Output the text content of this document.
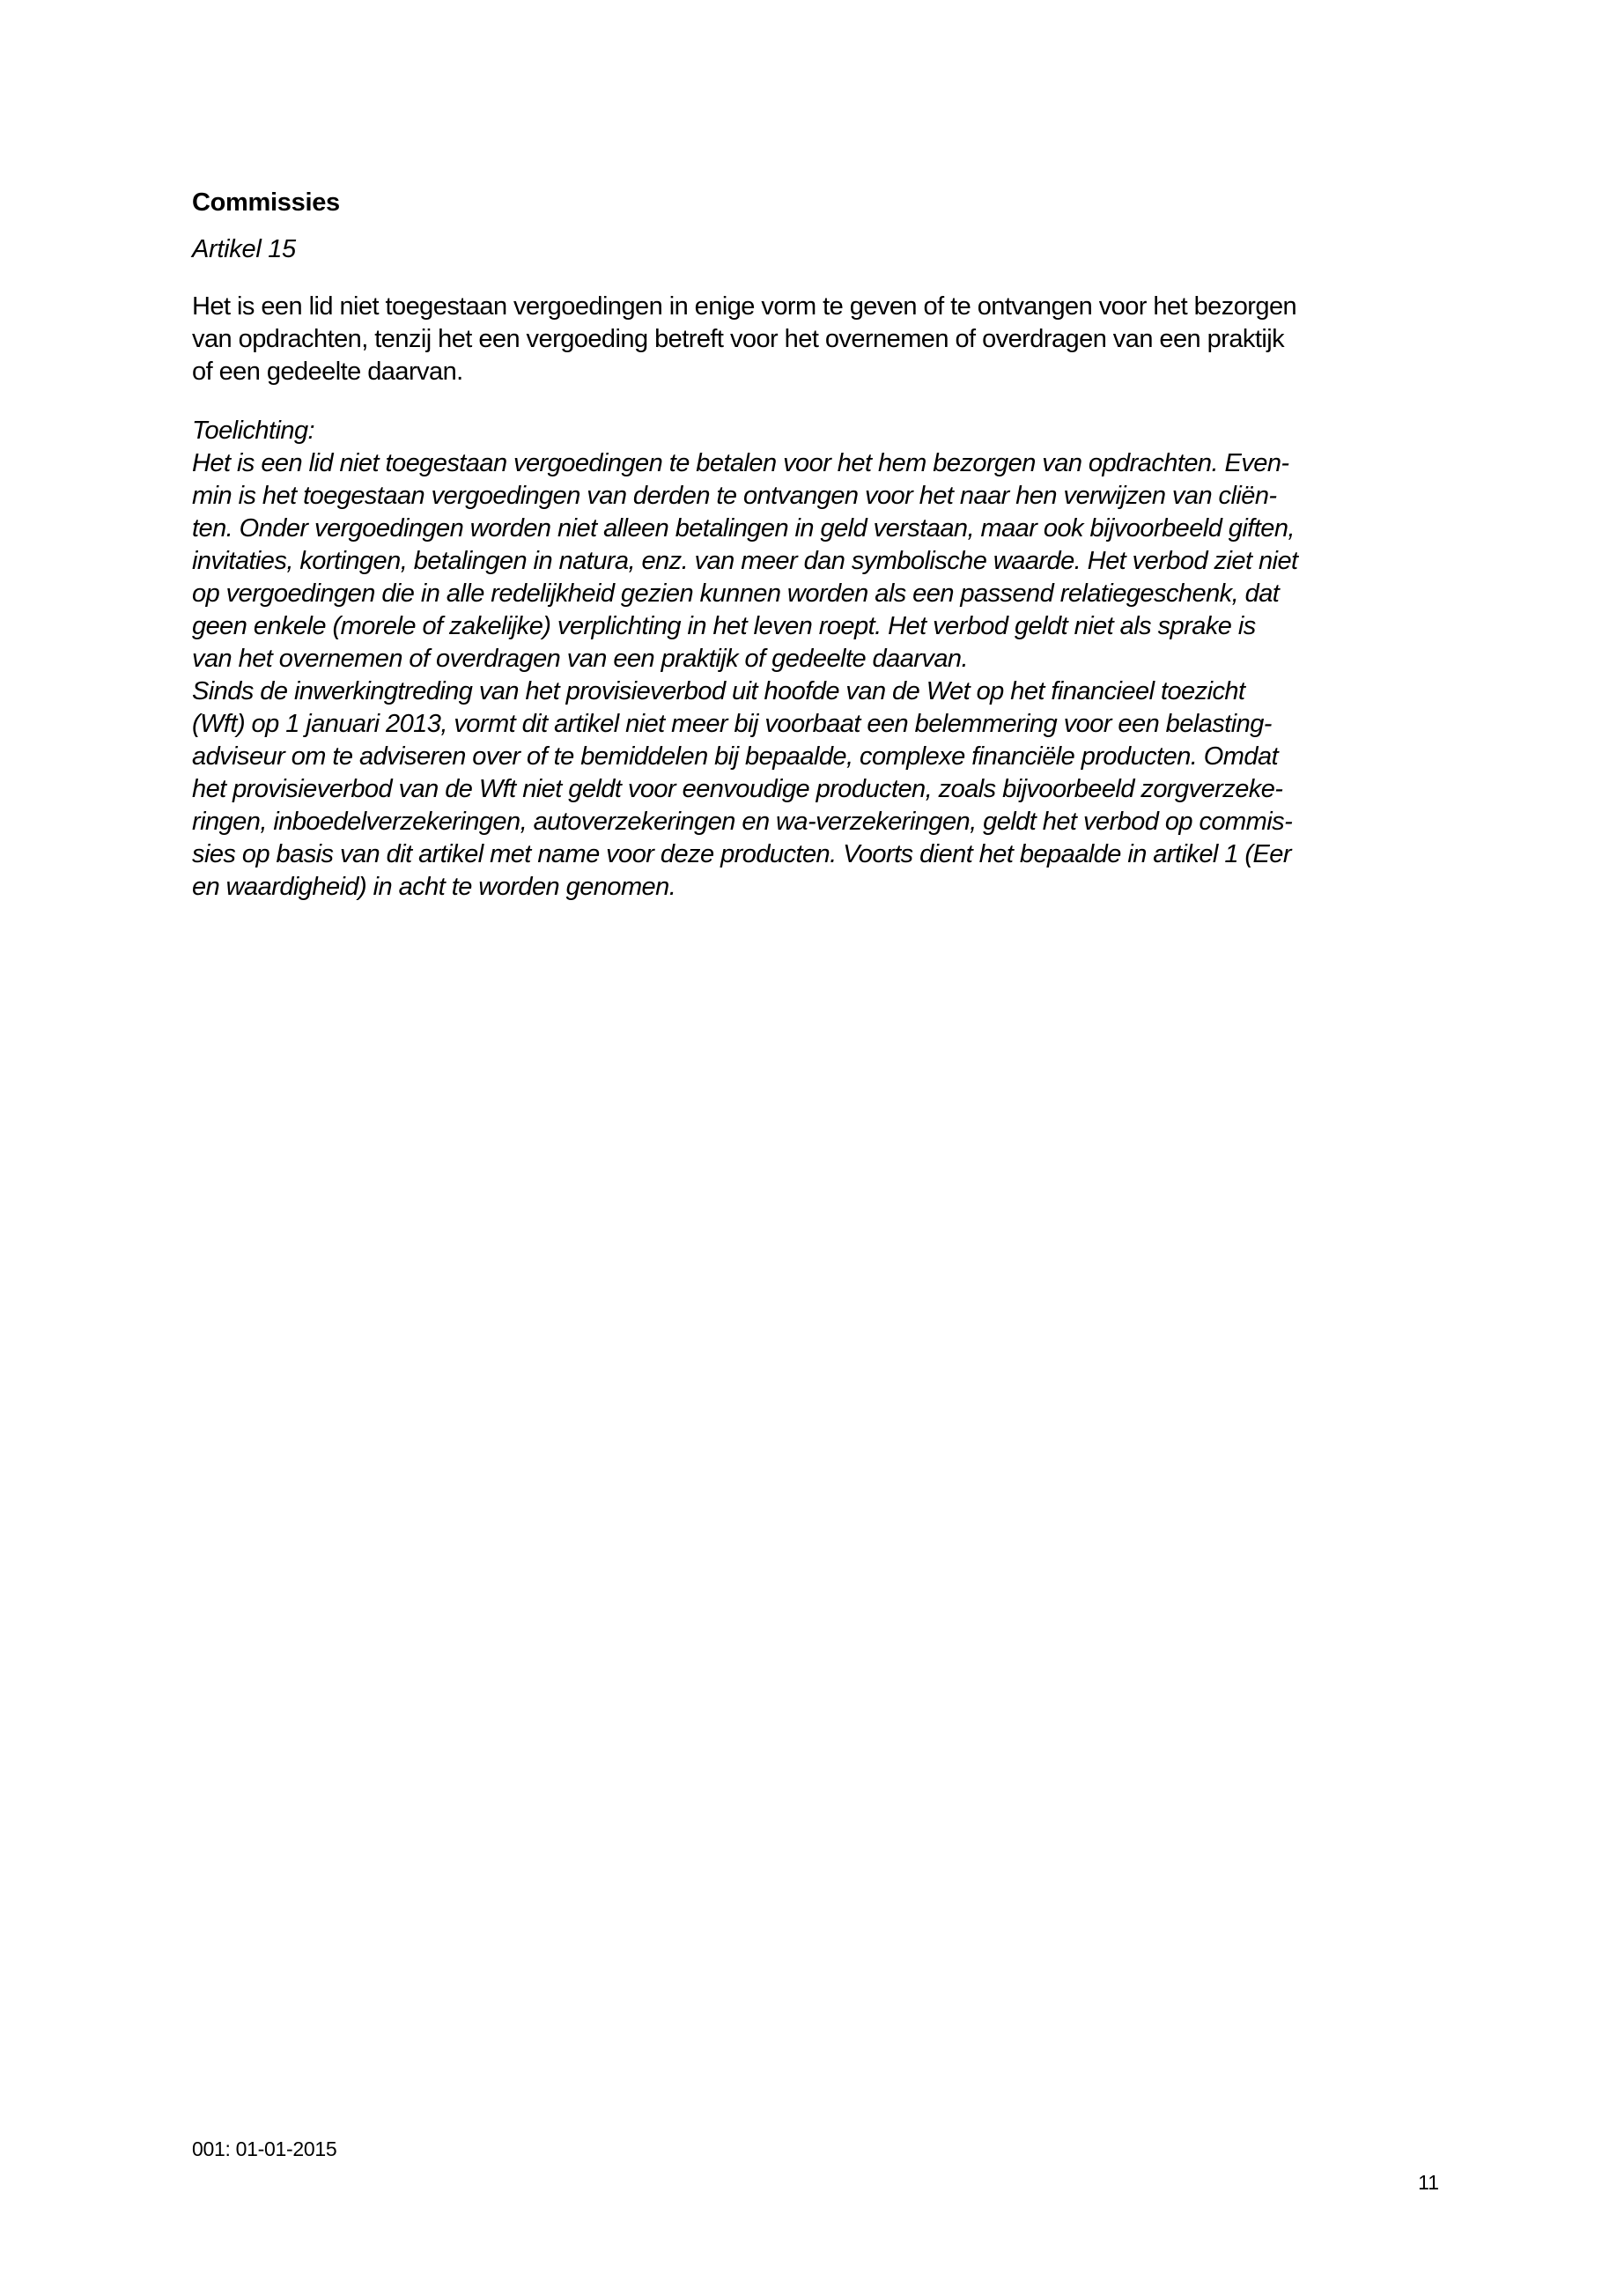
Commissies

Artikel 15

Het is een lid niet toegestaan vergoedingen in enige vorm te geven of te ontvangen voor het bezorgen
van opdrachten, tenzij het een vergoeding betreft voor het overnemen of overdragen van een praktijk
of een gedeelte daarvan.

Toelichting:
Het is een lid niet toegestaan vergoedingen te betalen voor het hem bezorgen van opdrachten. Even-
min is het toegestaan vergoedingen van derden te ontvangen voor het naar hen verwijzen van cliën-
ten. Onder vergoedingen worden niet alleen betalingen in geld verstaan, maar ook bijvoorbeeld giften,
invitaties, kortingen, betalingen in natura, enz. van meer dan symbolische waarde. Het verbod ziet niet
op vergoedingen die in alle redelijkheid gezien kunnen worden als een passend relatiegeschenk, dat
geen enkele (morele of zakelijke) verplichting in het leven roept. Het verbod geldt niet als sprake is
van het overnemen of overdragen van een praktijk of gedeelte daarvan.
Sinds de inwerkingtreding van het provisieverbod uit hoofde van de Wet op het financieel toezicht
(Wft) op 1 januari 2013, vormt dit artikel niet meer bij voorbaat een belemmering voor een belasting-
adviseur om te adviseren over of te bemiddelen bij bepaalde, complexe financiële producten. Omdat
het provisieverbod van de Wft niet geldt voor eenvoudige producten, zoals bijvoorbeeld zorgverzeke-
ringen, inboedelverzekeringen, autoverzekeringen en wa-verzekeringen, geldt het verbod op commis-
sies op basis van dit artikel met name voor deze producten. Voorts dient het bepaalde in artikel 1 (Eer
en waardigheid) in acht te worden genomen.
001: 01-01-2015
11
